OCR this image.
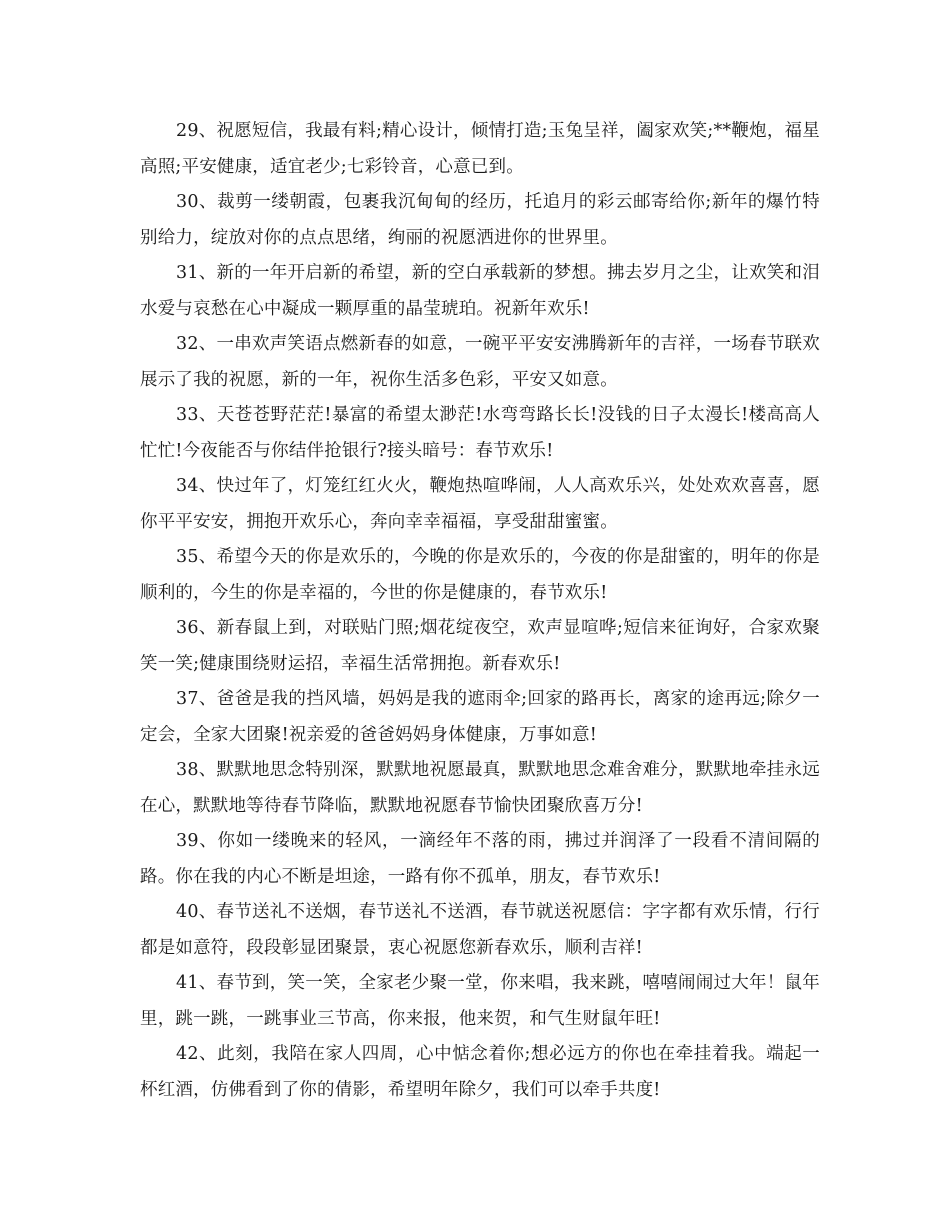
29、祝愿短信，我最有料;精心设计，倾情打造;玉兔呈祥，阖家欢笑;**鞭炮，福星高照;平安健康，适宜老少;七彩铃音，心意已到。

30、裁剪一缕朝霞，包裹我沉甸甸的经历，托追月的彩云邮寄给你;新年的爆竹特别给力，绽放对你的点点思绪，绚丽的祝愿洒进你的世界里。

31、新的一年开启新的希望，新的空白承载新的梦想。拂去岁月之尘，让欢笑和泪水爱与哀愁在心中凝成一颗厚重的晶莹琥珀。祝新年欢乐!

32、一串欢声笑语点燃新春的如意，一碗平平安安沸腾新年的吉祥，一场春节联欢展示了我的祝愿，新的一年，祝你生活多色彩，平安又如意。

33、天苍苍野茫茫!暴富的希望太渺茫!水弯弯路长长!没钱的日子太漫长!楼高高人忙忙!今夜能否与你结伴抢银行?接头暗号：春节欢乐!

34、快过年了，灯笼红红火火，鞭炮热喧哗闹，人人高欢乐兴，处处欢欢喜喜，愿你平平安安，拥抱开欢乐心，奔向幸幸福福，享受甜甜蜜蜜。

35、希望今天的你是欢乐的，今晚的你是欢乐的，今夜的你是甜蜜的，明年的你是顺利的，今生的你是幸福的，今世的你是健康的，春节欢乐!

36、新春鼠上到，对联贴门照;烟花绽夜空，欢声显喧哗;短信来征询好，合家欢聚笑一笑;健康围绕财运招，幸福生活常拥抱。新春欢乐!

37、爸爸是我的挡风墙，妈妈是我的遮雨伞;回家的路再长，离家的途再远;除夕一定会，全家大团聚!祝亲爱的爸爸妈妈身体健康，万事如意!

38、默默地思念特别深，默默地祝愿最真，默默地思念难舍难分，默默地牵挂永远在心，默默地等待春节降临，默默地祝愿春节愉快团聚欣喜万分!

39、你如一缕晚来的轻风，一滴经年不落的雨，拂过并润泽了一段看不清间隔的路。你在我的内心不断是坦途，一路有你不孤单，朋友，春节欢乐!

40、春节送礼不送烟，春节送礼不送酒，春节就送祝愿信：字字都有欢乐情，行行都是如意符，段段彰显团聚景，衷心祝愿您新春欢乐，顺利吉祥!

41、春节到，笑一笑，全家老少聚一堂，你来唱，我来跳，嘻嘻闹闹过大年！鼠年里，跳一跳，一跳事业三节高，你来报，他来贺，和气生财鼠年旺!

42、此刻，我陪在家人四周，心中惦念着你;想必远方的你也在牵挂着我。端起一杯红酒，仿佛看到了你的倩影，希望明年除夕，我们可以牵手共度!
